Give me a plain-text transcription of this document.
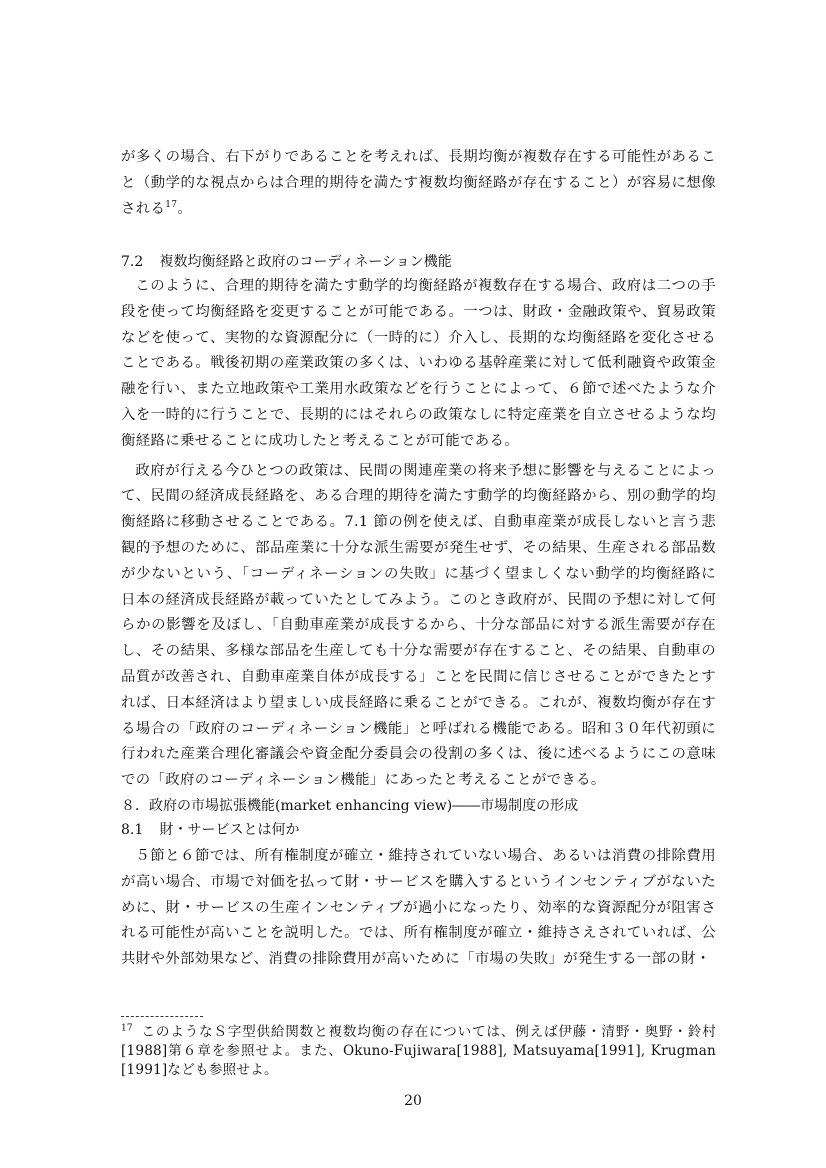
が多くの場合、右下がりであることを考えれば、長期均衡が複数存在する可能性があること（動学的な視点からは合理的期待を満たす複数均衡経路が存在すること）が容易に想像される$^{17}$。

7.2 複数均衡経路と政府のコーディネーション機能

このように、合理的期待を満たす動学的均衡経路が複数存在する場合、政府は二つの手段を使って均衡経路を変更することが可能である。一つは、財政・金融政策や、貿易政策などを使って、実物的な資源配分に（一時的に）介入し、長期的な均衡経路を変化させることである。戦後初期の産業政策の多くは、いわゆる基幹産業に対して低利融資や政策金融を行い、また立地政策や工業用水政策などを行うことによって、６節で述べたような介入を一時的に行うことで、長期的にはそれらの政策なしに特定産業を自立させるような均衡経路に乗せることに成功したと考えることが可能である。

政府が行える今ひとつの政策は、民間の関連産業の将来予想に影響を与えることによって、民間の経済成長経路を、ある合理的期待を満たす動学的均衡経路から、別の動学的均衡経路に移動させることである。7.1 節の例を使えば、自動車産業が成長しないと言う悲観的予想のために、部品産業に十分な派生需要が発生せず、その結果、生産される部品数が少ないという、「コーディネーションの失敗」に基づく望ましくない動学的均衡経路に日本の経済成長経路が載っていたとしてみよう。このとき政府が、民間の予想に対して何らかの影響を及ぼし、「自動車産業が成長するから、十分な部品に対する派生需要が存在し、その結果、多様な部品を生産しても十分な需要が存在すること、その結果、自動車の品質が改善され、自動車産業自体が成長する」ことを民間に信じさせることができたとすれば、日本経済はより望ましい成長経路に乗ることができる。これが、複数均衡が存在する場合の「政府のコーディネーション機能」と呼ばれる機能である。昭和３０年代初頭に行われた産業合理化審議会や資金配分委員会の役割の多くは、後に述べるようにこの意味での「政府のコーディネーション機能」にあったと考えることができる。

８．政府の市場拡張機能(market enhancing view)――市場制度の形成
8.1 財・サービスとは何か

５節と６節では、所有権制度が確立・維持されていない場合、あるいは消費の排除費用が高い場合、市場で対価を払って財・サービスを購入するというインセンティブがないために、財・サービスの生産インセンティブが過小になったり、効率的な資源配分が阻害される可能性が高いことを説明した。では、所有権制度が確立・維持さえされていれば、公共財や外部効果など、消費の排除費用が高いために「市場の失敗」が発生する一部の財・

$^{17}$ このようなＳ字型供給関数と複数均衡の存在については、例えば伊藤・清野・奥野・鈴村[1988]第６章を参照せよ。また、Okuno-Fujiwara[1988], Matsuyama[1991], Krugman [1991]なども参照せよ。

20
